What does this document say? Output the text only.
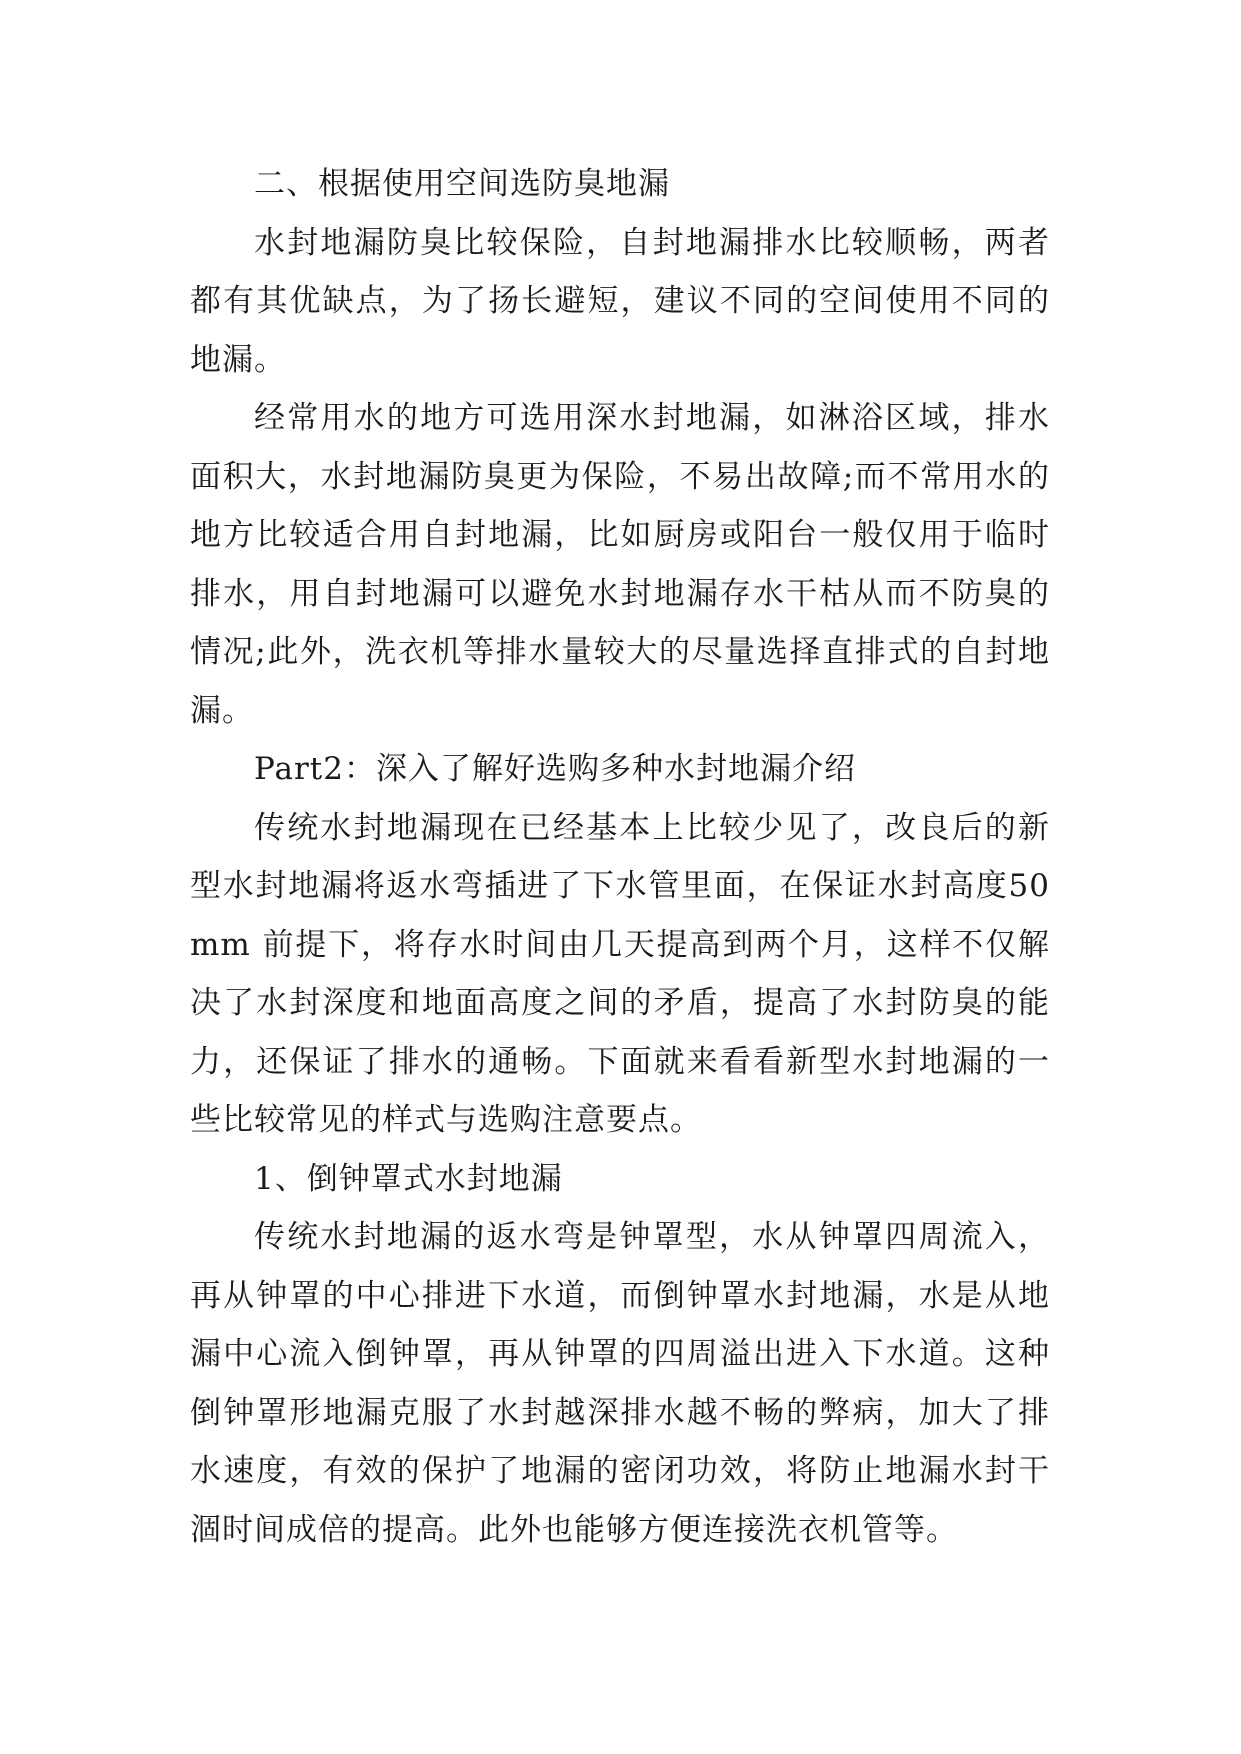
二、根据使用空间选防臭地漏

水封地漏防臭比较保险，自封地漏排水比较顺畅，两者都有其优缺点，为了扬长避短，建议不同的空间使用不同的地漏。

经常用水的地方可选用深水封地漏，如淋浴区域，排水面积大，水封地漏防臭更为保险，不易出故障;而不常用水的地方比较适合用自封地漏，比如厨房或阳台一般仅用于临时排水，用自封地漏可以避免水封地漏存水干枯从而不防臭的情况;此外，洗衣机等排水量较大的尽量选择直排式的自封地漏。

Part2：深入了解好选购多种水封地漏介绍

传统水封地漏现在已经基本上比较少见了，改良后的新型水封地漏将返水弯插进了下水管里面，在保证水封高度50mm 前提下，将存水时间由几天提高到两个月，这样不仅解决了水封深度和地面高度之间的矛盾，提高了水封防臭的能力，还保证了排水的通畅。下面就来看看新型水封地漏的一些比较常见的样式与选购注意要点。

1、倒钟罩式水封地漏

传统水封地漏的返水弯是钟罩型，水从钟罩四周流入，再从钟罩的中心排进下水道，而倒钟罩水封地漏，水是从地漏中心流入倒钟罩，再从钟罩的四周溢出进入下水道。这种倒钟罩形地漏克服了水封越深排水越不畅的弊病，加大了排水速度，有效的保护了地漏的密闭功效，将防止地漏水封干涸时间成倍的提高。此外也能够方便连接洗衣机管等。
